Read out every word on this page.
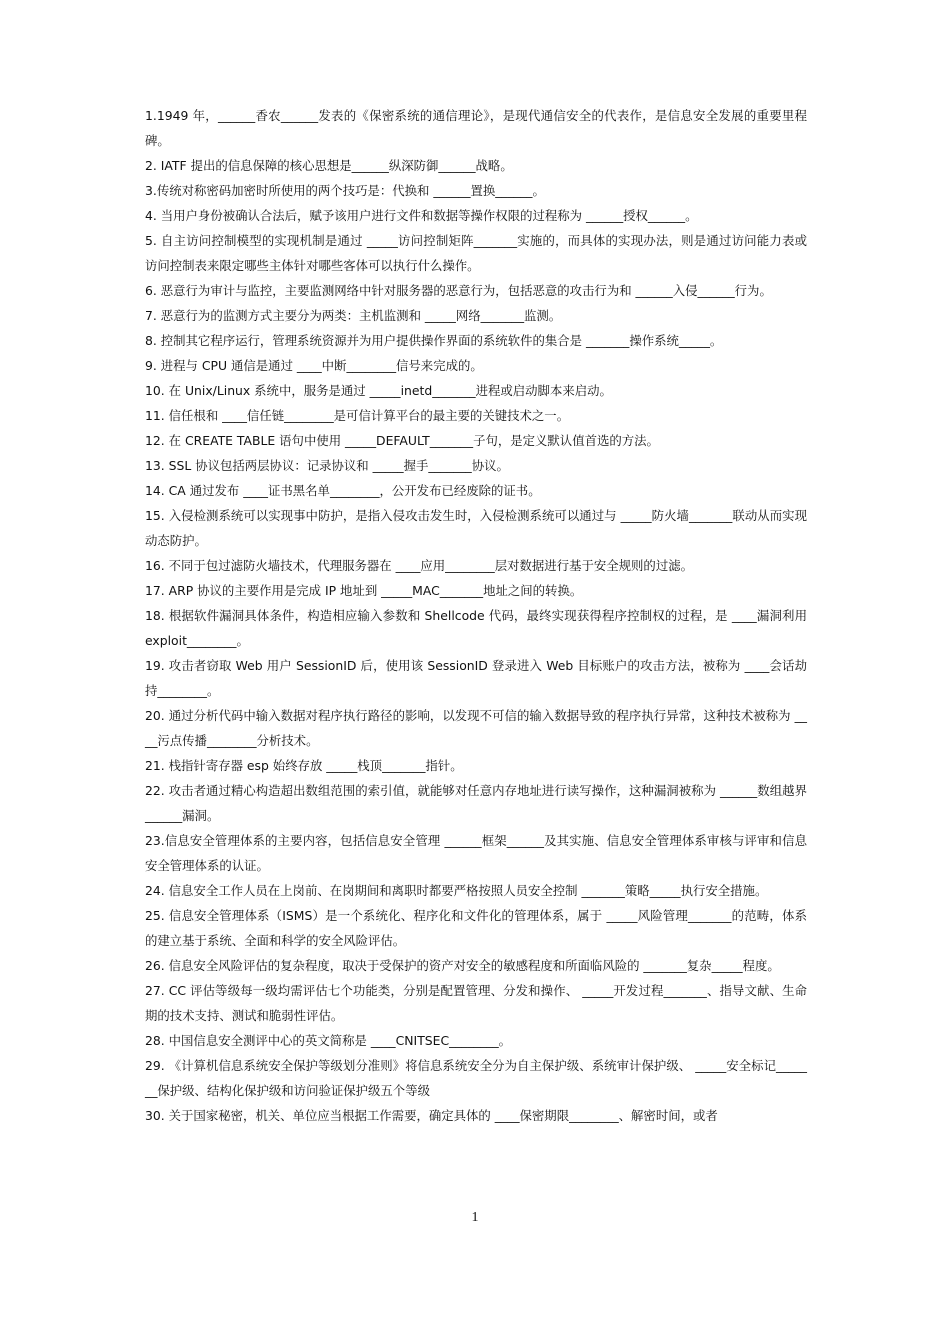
1.1949 年，______香农______发表的《保密系统的通信理论》，是现代通信安全的代表作，是信息安全发展的重要里程碑。

2. IATF 提出的信息保障的核心思想是______纵深防御______战略。

3.传统对称密码加密时所使用的两个技巧是：代换和 ______置换______。

4. 当用户身份被确认合法后，赋予该用户进行文件和数据等操作权限的过程称为 ______授权______。

5. 自主访问控制模型的实现机制是通过 _____访问控制矩阵_______实施的，而具体的实现办法，则是通过访问能力表或访问控制表来限定哪些主体针对哪些客体可以执行什么操作。

6. 恶意行为审计与监控，主要监测网络中针对服务器的恶意行为，包括恶意的攻击行为和 ______入侵______行为。

7. 恶意行为的监测方式主要分为两类：主机监测和 _____网络_______监测。

8. 控制其它程序运行，管理系统资源并为用户提供操作界面的系统软件的集合是 _______操作系统_____。

9. 进程与 CPU 通信是通过 ____中断________信号来完成的。

10. 在 Unix/Linux 系统中，服务是通过 _____inetd_______进程或启动脚本来启动。

11. 信任根和 ____信任链________是可信计算平台的最主要的关键技术之一。

12. 在 CREATE TABLE 语句中使用 _____DEFAULT_______子句，是定义默认值首选的方法。

13. SSL 协议包括两层协议：记录协议和 _____握手_______协议。

14. CA 通过发布 ____证书黑名单________，公开发布已经废除的证书。

15. 入侵检测系统可以实现事中防护，是指入侵攻击发生时，入侵检测系统可以通过与 _____防火墙_______联动从而实现动态防护。

16. 不同于包过滤防火墙技术，代理服务器在 ____应用________层对数据进行基于安全规则的过滤。

17. ARP 协议的主要作用是完成 IP 地址到 _____MAC_______地址之间的转换。

18. 根据软件漏洞具体条件，构造相应输入参数和 Shellcode 代码，最终实现获得程序控制权的过程，是 ____漏洞利用 exploit________。

19. 攻击者窃取 Web 用户 SessionID 后，使用该 SessionID 登录进入 Web 目标账户的攻击方法，被称为 ____会话劫持________。

20. 通过分析代码中输入数据对程序执行路径的影响，以发现不可信的输入数据导致的程序执行异常，这种技术被称为 ____污点传播________分析技术。

21. 栈指针寄存器 esp 始终存放 _____栈顶_______指针。

22. 攻击者通过精心构造超出数组范围的索引值，就能够对任意内存地址进行读写操作，这种漏洞被称为 ______数组越界______漏洞。

23.信息安全管理体系的主要内容，包括信息安全管理 ______框架______及其实施、信息安全管理体系审核与评审和信息安全管理体系的认证。

24. 信息安全工作人员在上岗前、在岗期间和离职时都要严格按照人员安全控制 _______策略_____执行安全措施。

25. 信息安全管理体系（ISMS）是一个系统化、程序化和文件化的管理体系，属于 _____风险管理_______的范畴，体系的建立基于系统、全面和科学的安全风险评估。

26. 信息安全风险评估的复杂程度，取决于受保护的资产对安全的敏感程度和所面临风险的 _______复杂_____程度。

27. CC 评估等级每一级均需评估七个功能类，分别是配置管理、分发和操作、 _____开发过程_______、指导文献、生命期的技术支持、测试和脆弱性评估。

28. 中国信息安全测评中心的英文简称是 ____CNITSEC________。

29. 《计算机信息系统安全保护等级划分准则》将信息系统安全分为自主保护级、系统审计保护级、 _____安全标记_______保护级、结构化保护级和访问验证保护级五个等级

30. 关于国家秘密，机关、单位应当根据工作需要，确定具体的 ____保密期限________、解密时间，或者

1
